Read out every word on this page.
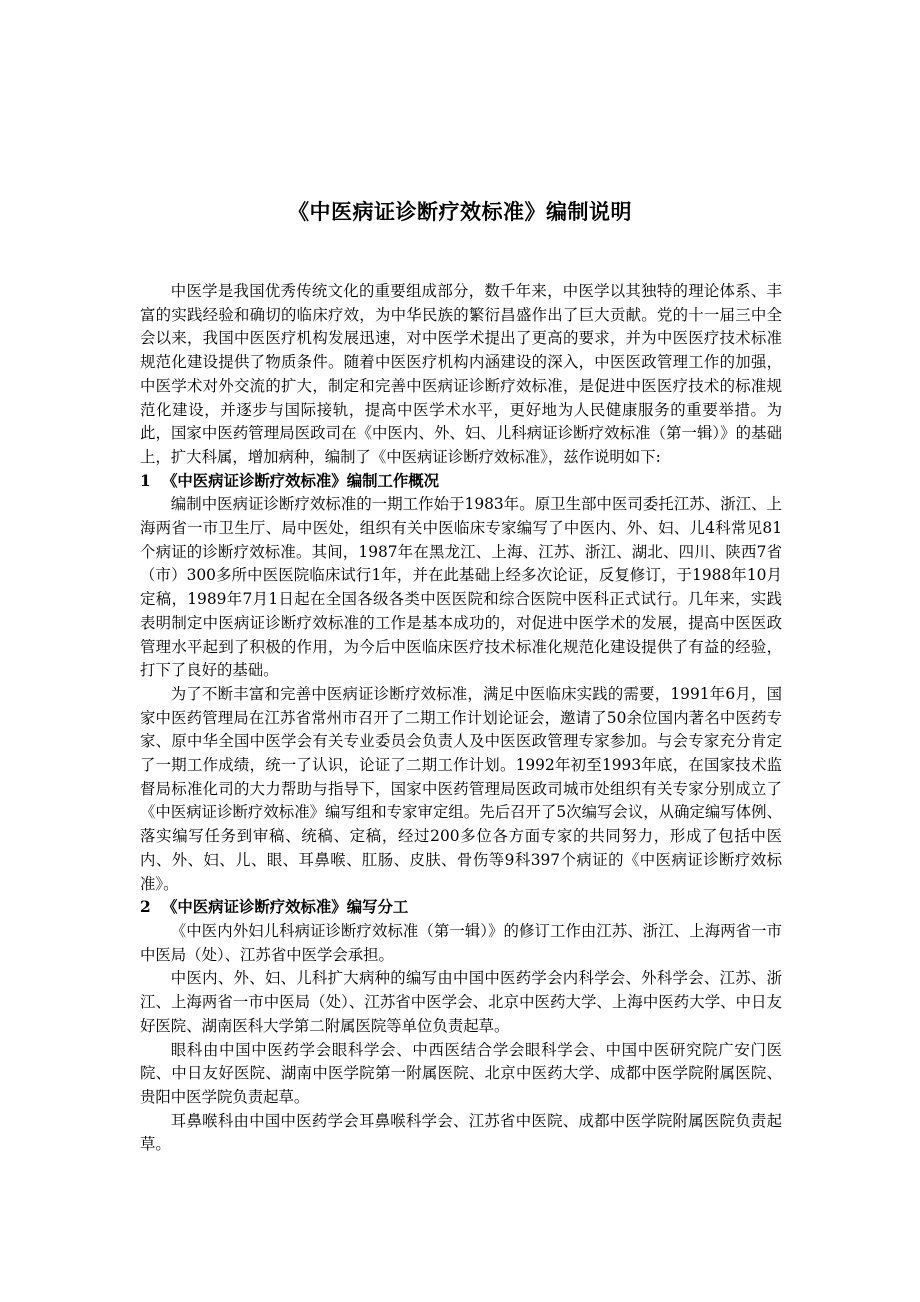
《中医病证诊断疗效标准》编制说明

中医学是我国优秀传统文化的重要组成部分，数千年来，中医学以其独特的理论体系、丰富的实践经验和确切的临床疗效，为中华民族的繁衍昌盛作出了巨大贡献。党的十一届三中全会以来，我国中医医疗机构发展迅速，对中医学术提出了更高的要求，并为中医医疗技术标准规范化建设提供了物质条件。随着中医医疗机构内涵建设的深入，中医医政管理工作的加强，中医学术对外交流的扩大，制定和完善中医病证诊断疗效标准，是促进中医医疗技术的标准规范化建设，并逐步与国际接轨，提高中医学术水平，更好地为人民健康服务的重要举措。为此，国家中医药管理局医政司在《中医内、外、妇、儿科病证诊断疗效标准（第一辑）》的基础上，扩大科属，增加病种，编制了《中医病证诊断疗效标准》，兹作说明如下:

1 《中医病证诊断疗效标准》编制工作概况

编制中医病证诊断疗效标准的一期工作始于1983年。原卫生部中医司委托江苏、浙江、上海两省一市卫生厅、局中医处，组织有关中医临床专家编写了中医内、外、妇、儿4科常见81个病证的诊断疗效标准。其间，1987年在黑龙江、上海、江苏、浙江、湖北、四川、陕西7省（市）300多所中医医院临床试行1年，并在此基础上经多次论证，反复修订，于1988年10月定稿，1989年7月1日起在全国各级各类中医医院和综合医院中医科正式试行。几年来，实践表明制定中医病证诊断疗效标准的工作是基本成功的，对促进中医学术的发展，提高中医医政管理水平起到了积极的作用，为今后中医临床医疗技术标准化规范化建设提供了有益的经验，打下了良好的基础。

为了不断丰富和完善中医病证诊断疗效标准，满足中医临床实践的需要，1991年6月，国家中医药管理局在江苏省常州市召开了二期工作计划论证会，邀请了50余位国内著名中医药专家、原中华全国中医学会有关专业委员会负责人及中医医政管理专家参加。与会专家充分肯定了一期工作成绩，统一了认识，论证了二期工作计划。1992年初至1993年底，在国家技术监督局标准化司的大力帮助与指导下，国家中医药管理局医政司城市处组织有关专家分别成立了《中医病证诊断疗效标准》编写组和专家审定组。先后召开了5次编写会议，从确定编写体例、落实编写任务到审稿、统稿、定稿，经过200多位各方面专家的共同努力，形成了包括中医内、外、妇、儿、眼、耳鼻喉、肛肠、皮肤、骨伤等9科397个病证的《中医病证诊断疗效标准》。

2 《中医病证诊断疗效标准》编写分工

《中医内外妇儿科病证诊断疗效标准（第一辑）》的修订工作由江苏、浙江、上海两省一市中医局（处）、江苏省中医学会承担。

中医内、外、妇、儿科扩大病种的编写由中国中医药学会内科学会、外科学会、江苏、浙江、上海两省一市中医局（处）、江苏省中医学会、北京中医药大学、上海中医药大学、中日友好医院、湖南医科大学第二附属医院等单位负责起草。

眼科由中国中医药学会眼科学会、中西医结合学会眼科学会、中国中医研究院广安门医院、中日友好医院、湖南中医学院第一附属医院、北京中医药大学、成都中医学院附属医院、贵阳中医学院负责起草。

耳鼻喉科由中国中医药学会耳鼻喉科学会、江苏省中医院、成都中医学院附属医院负责起草。
